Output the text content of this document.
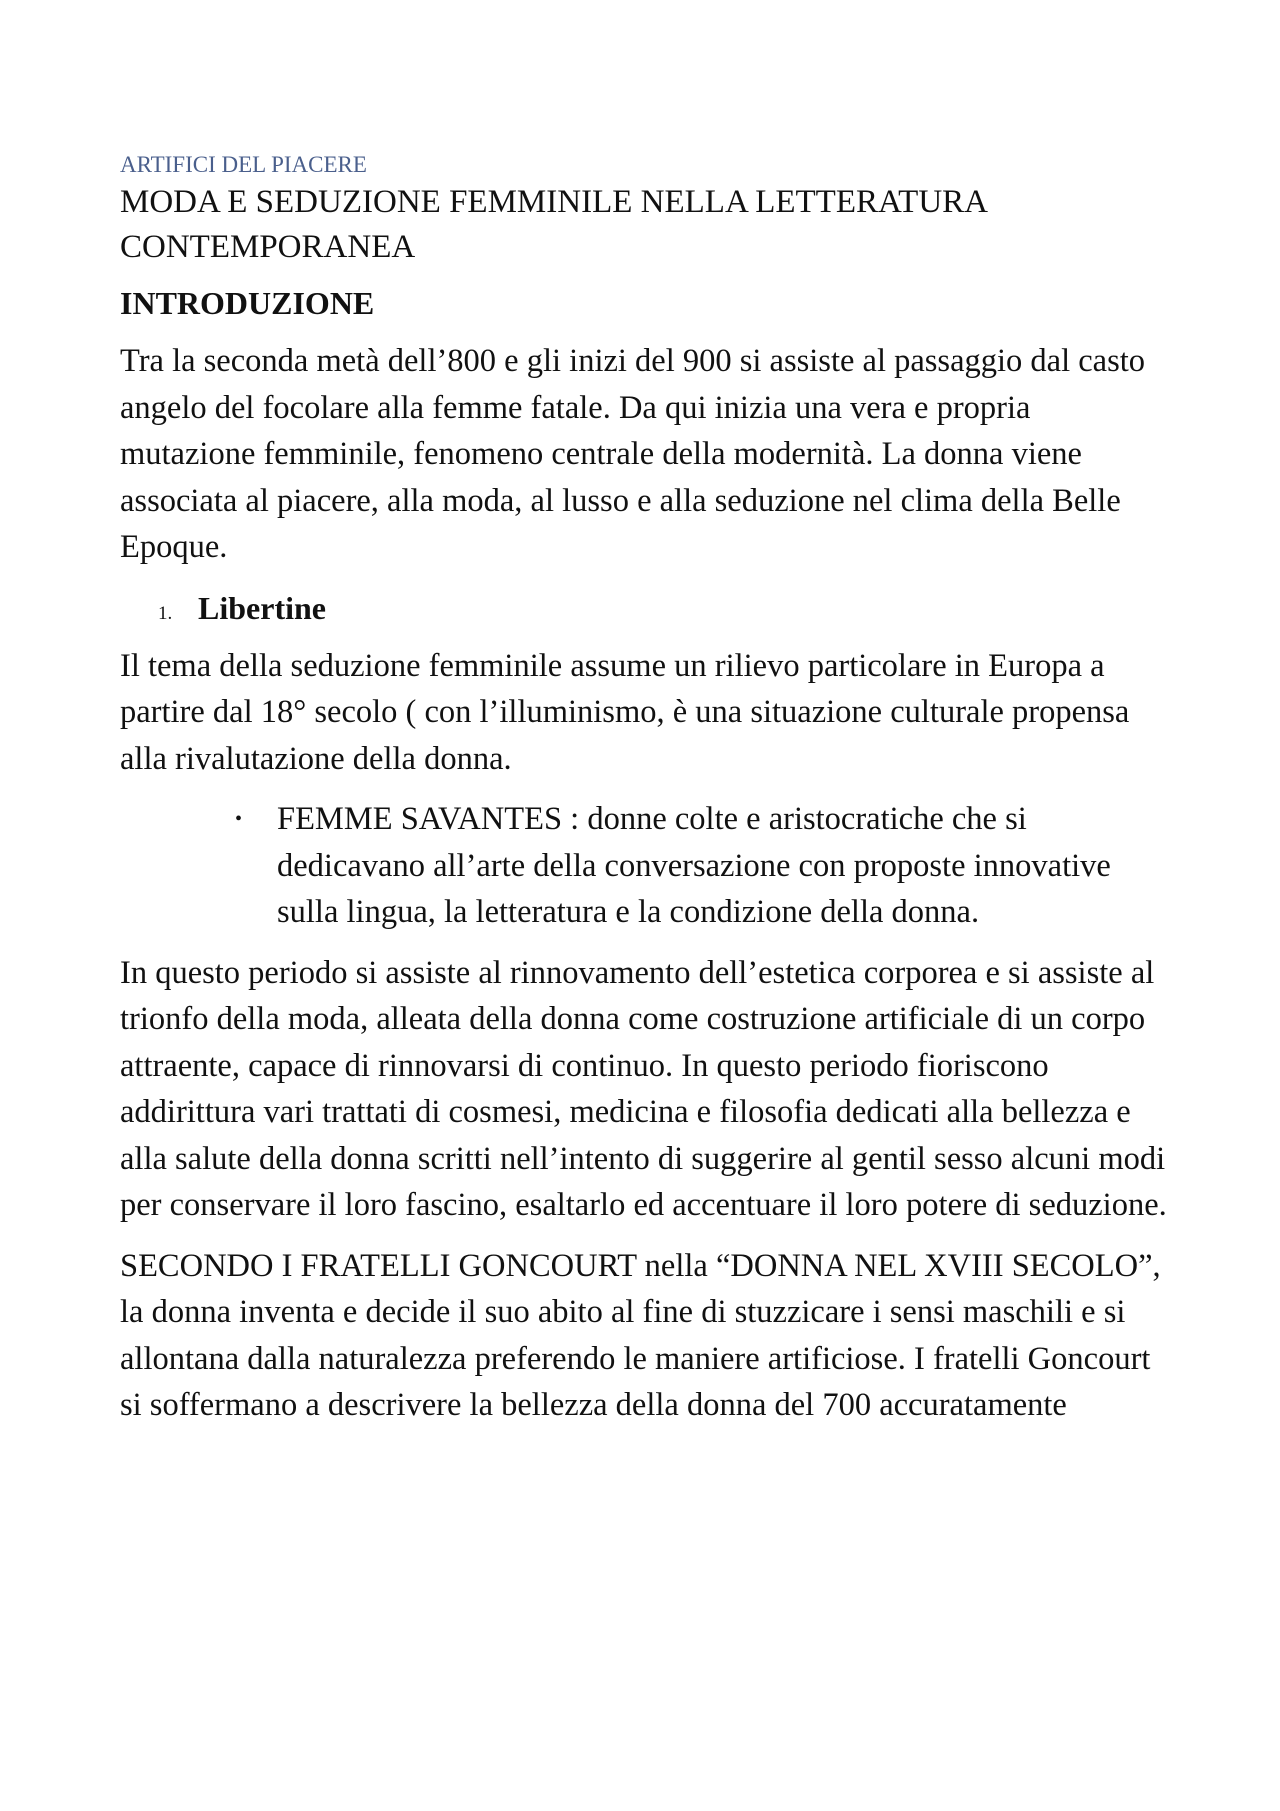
ARTIFICI DEL PIACERE

MODA E SEDUZIONE FEMMINILE NELLA LETTERATURA CONTEMPORANEA
INTRODUZIONE

Tra la seconda metà dell’800 e gli inizi del 900 si assiste al passaggio dal casto angelo del focolare alla femme fatale. Da qui inizia una vera e propria mutazione femminile, fenomeno centrale della modernità. La donna viene associata al piacere, alla moda, al lusso e alla seduzione nel clima della Belle Epoque.

1. Libertine

Il tema della seduzione femminile assume un rilievo particolare in Europa a partire dal 18° secolo ( con l’illuminismo, è una situazione culturale propensa alla rivalutazione della donna.

•	FEMME SAVANTES : donne colte e aristocratiche che si dedicavano all’arte della conversazione con proposte innovative sulla lingua, la letteratura e la condizione della donna.

In questo periodo si assiste al rinnovamento dell’estetica corporea e si assiste al trionfo della moda, alleata della donna come costruzione artificiale di un corpo attraente, capace di rinnovarsi di continuo. In questo periodo fioriscono addirittura vari trattati di cosmesi, medicina e filosofia dedicati alla bellezza e alla salute della donna scritti nell’intento di suggerire al gentil sesso alcuni modi per conservare il loro fascino, esaltarlo ed accentuare il loro potere di seduzione.

SECONDO I FRATELLI GONCOURT nella “DONNA NEL XVIII SECOLO”, la donna inventa e decide il suo abito al fine di stuzzicare i sensi maschili e si allontana dalla naturalezza preferendo le maniere artificiose. I fratelli Goncourt si soffermano a descrivere la bellezza della donna del 700 accuratamente
